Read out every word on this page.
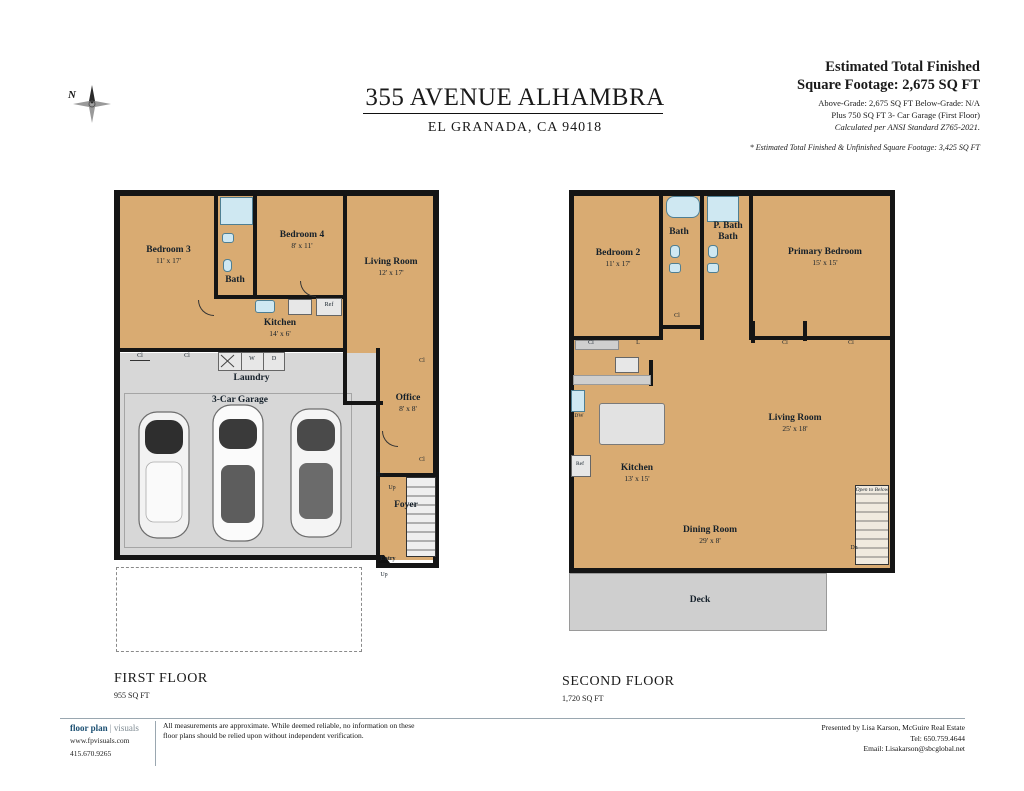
N	355 AVENUE ALHAMBRA
EL GRANADA, CA 94018
Estimated Total Finished
Square Footage: 2,675 SQ FT
Above-Grade: 2,675 SQ FT Below-Grade: N/A
Plus 750 SQ FT 3- Car Garage (First Floor)
Calculated per ANSI Standard Z765-2021.
* Estimated Total Finished & Unfinished Square Footage: 3,425 SQ FT
Bath
Ref
W	D
Laundry
Cl	Cl
Cl
Cl
Up
Dn
Up
Entry
Bedroom 3
11' x 17'
Bedroom 4
8' x 11'
Living Room
12' x 17'
Kitchen
14' x 6'
3-Car Garage	Office
8' x 8'
Foyer
FIRST FLOOR
955 SQ FT
Bath
P. Bath
Bath
DW
Ref
Cl	L
Cl
Cl	Cl
Open to Below
Dn
Bedroom 2
11' x 17'
Primary Bedroom
15' x 15'
Living Room
25' x 18'
Kitchen
13' x 15'
Dining Room
29' x 8'
Deck
SECOND FLOOR
1,720 SQ FT
floor plan | visuals
www.fpvisuals.com
415.670.9265
All measurements are approximate. While deemed reliable, no information on these floor plans should be relied upon without independent verification.
Presented by Lisa Karson, McGuire Real Estate
Tel: 650.759.4644
Email: Lisakarson@sbcglobal.net
